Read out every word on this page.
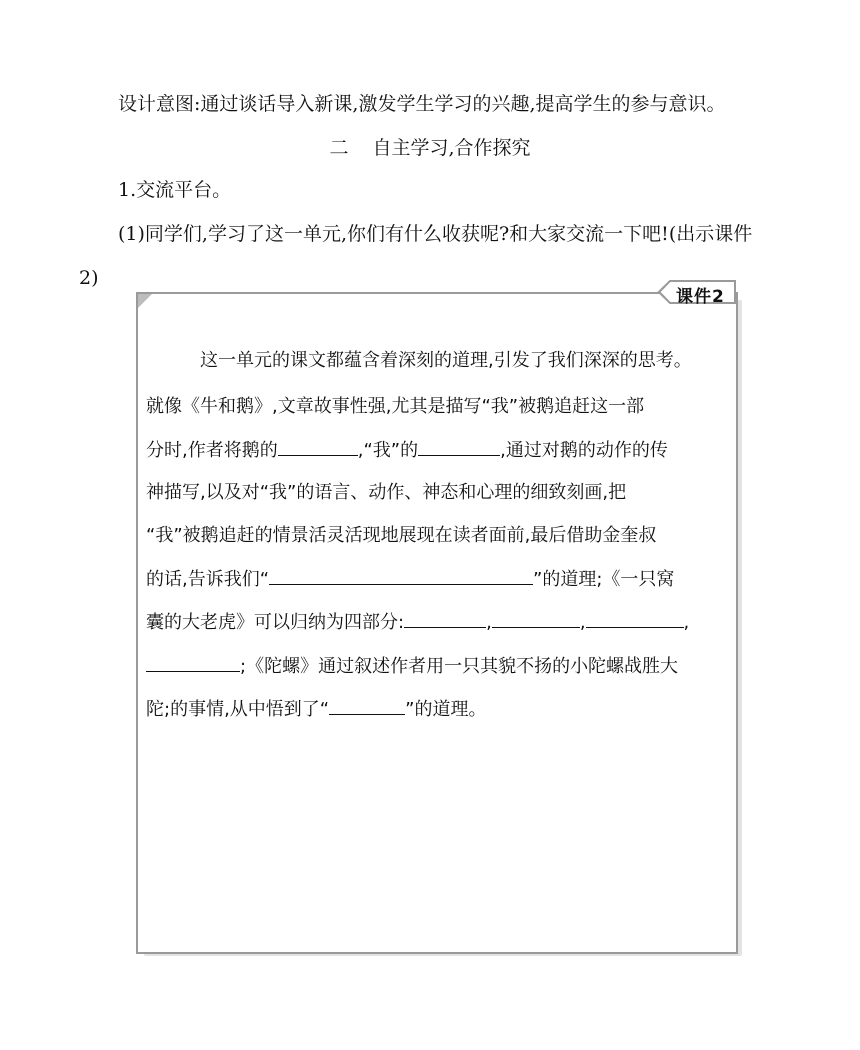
设计意图:通过谈话导入新课,激发学生学习的兴趣,提高学生的参与意识。
二 自主学习,合作探究
1.交流平台。
(1)同学们,学习了这一单元,你们有什么收获呢?和大家交流一下吧!(出示课件
2)
课件2
这一单元的课文都蕴含着深刻的道理,引发了我们深深的思考。
就像《牛和鹅》,文章故事性强,尤其是描写“我”被鹅追赶这一部
分时,作者将鹅的	,“我”的	,通过对鹅的动作的传
神描写,以及对“我”的语言、动作、神态和心理的细致刻画,把
“我”被鹅追赶的情景活灵活现地展现在读者面前,最后借助金奎叔
的话,告诉我们“	”的道理;《一只窝
囊的大老虎》可以归纳为四部分:	,	,	,
;《陀螺》通过叙述作者用一只其貌不扬的小陀螺战胜大
陀;的事情,从中悟到了“	”的道理。
